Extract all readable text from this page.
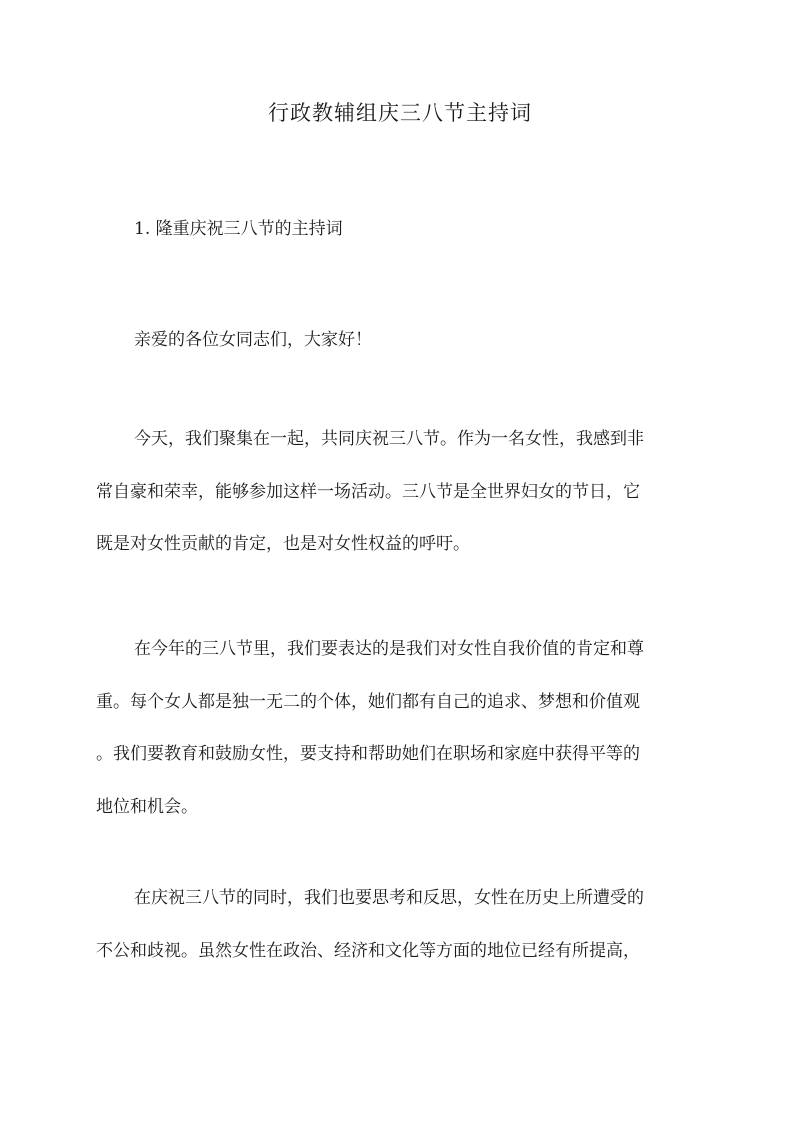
行政教辅组庆三八节主持词
1. 隆重庆祝三八节的主持词

亲爱的各位女同志们，大家好！

今天，我们聚集在一起，共同庆祝三八节。作为一名女性，我感到非
常自豪和荣幸，能够参加这样一场活动。三八节是全世界妇女的节日，它
既是对女性贡献的肯定，也是对女性权益的呼吁。

在今年的三八节里，我们要表达的是我们对女性自我价值的肯定和尊
重。每个女人都是独一无二的个体，她们都有自己的追求、梦想和价值观
。我们要教育和鼓励女性，要支持和帮助她们在职场和家庭中获得平等的
地位和机会。

在庆祝三八节的同时，我们也要思考和反思，女性在历史上所遭受的
不公和歧视。虽然女性在政治、经济和文化等方面的地位已经有所提高，
